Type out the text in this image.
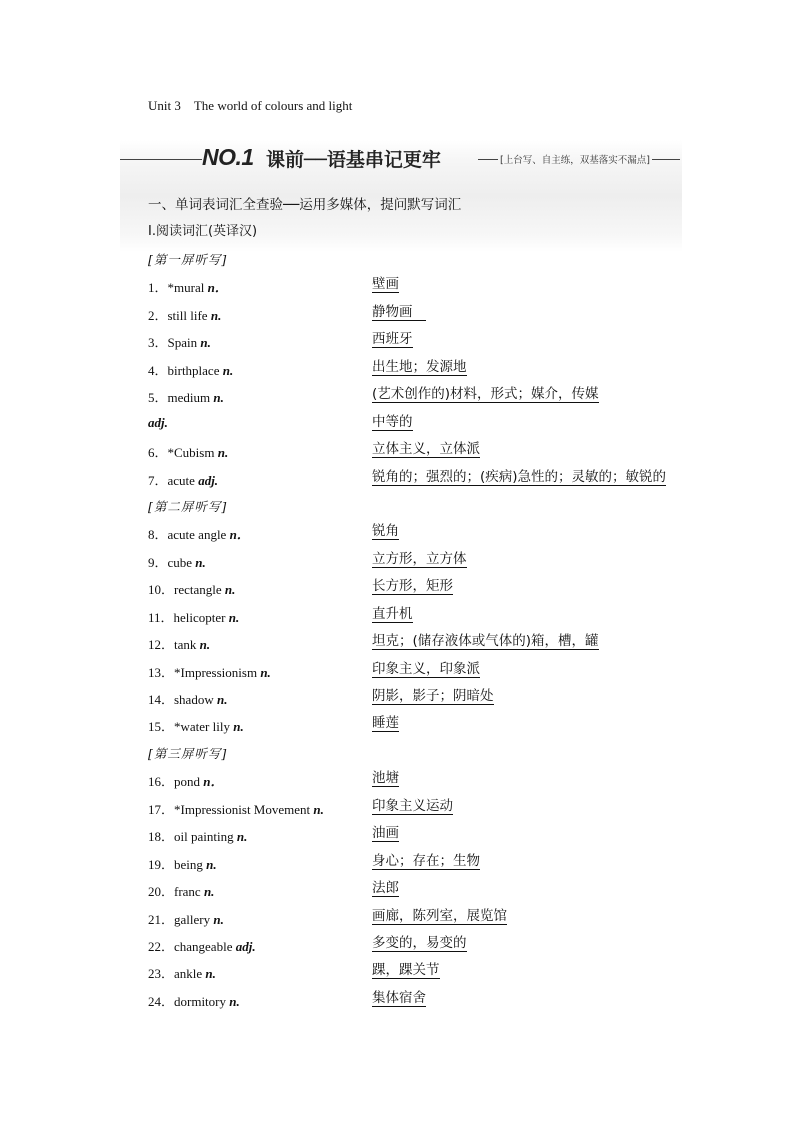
Unit 3　The world of colours and light
NO.1 课前──语基串记更牢	[上台写、自主练，双基落实不漏点]
一、单词表词汇全查验──运用多媒体，提问默写词汇
Ⅰ.阅读词汇(英译汉)
[第一屏听写]
1．*mural n．	壁画
2．still life n.	静物画　
3．Spain n.	西班牙
4．birthplace n.	出生地；发源地
5．medium n.	(艺术创作的)材料，形式；媒介，传媒
adj.	中等的
6．*Cubism n.	立体主义，立体派
7．acute adj.	锐角的；强烈的；(疾病)急性的；灵敏的；敏锐的
[第二屏听写]
8．acute angle n．	锐角
9．cube n.	立方形，立方体
10．rectangle n.	长方形，矩形
11．helicopter n.	直升机
12．tank n.	坦克；(储存液体或气体的)箱，槽，罐
13．*Impressionism n.	印象主义，印象派
14．shadow n.	阴影，影子；阴暗处
15．*water lily n.	睡莲
[第三屏听写]
16．pond n．	池塘
17．*Impressionist Movement n.	印象主义运动
18．oil painting n.	油画
19．being n.	身心；存在；生物
20．franc n.	法郎
21．gallery n.	画廊，陈列室，展览馆
22．changeable adj.	多变的，易变的
23．ankle n.	踝，踝关节
24．dormitory n.	集体宿舍
